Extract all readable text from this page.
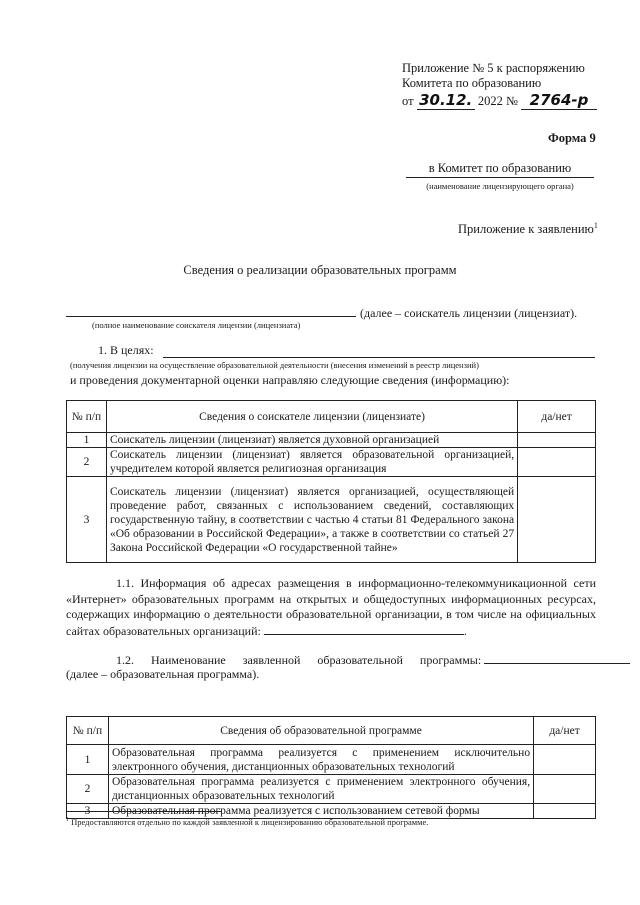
Приложение № 5 к распоряжению
Комитета по образованию
от 30.12. 2022 № 2764-р
Форма 9
в Комитет по образованию
(наименование лицензирующего органа)
Приложение к заявлению$^1$
Сведения о реализации образовательных программ
(далее – соискатель лицензии (лицензиат).
(полное наименование соискателя лицензии (лицензиата)
1. В целях:
(получения лицензии на осуществление образовательной деятельности (внесения изменений в реестр лицензий)
и проведения документарной оценки направляю следующие сведения (информацию):
№ п/п	Сведения о соискателе лицензии (лицензиате)	да/нет
1	Соискатель лицензии (лицензиат) является духовной организацией	
2	Соискатель лицензии (лицензиат) является образовательной организацией, учредителем которой является религиозная организация	
3	Соискатель лицензии (лицензиат) является организацией, осуществляющей проведение работ, связанных с использованием сведений, составляющих государственную тайну, в соответствии с частью 4 статьи 81 Федерального закона «Об образовании в Российской Федерации», а также в соответствии со статьей 27 Закона Российской Федерации «О государственной тайне»	

1.1. Информация об адресах размещения в информационно-телекоммуникационной сети «Интернет» образовательных программ на открытых и общедоступных информационных ресурсах, содержащих информацию о деятельности образовательной организации, в том числе на официальных сайтах образовательных организаций:	.

1.2. Наименование заявленной образовательной программы:
(далее – образовательная программа).
№ п/п	Сведения об образовательной программе	да/нет
1	Образовательная программа реализуется с применением исключительно электронного обучения, дистанционных образовательных технологий	
2	Образовательная программа реализуется с применением электронного обучения, дистанционных образовательных технологий	
3	Образовательная программа реализуется с использованием сетевой формы	
$^1$ Предоставляются отдельно по каждой заявленной к лицензированию образовательной программе.
